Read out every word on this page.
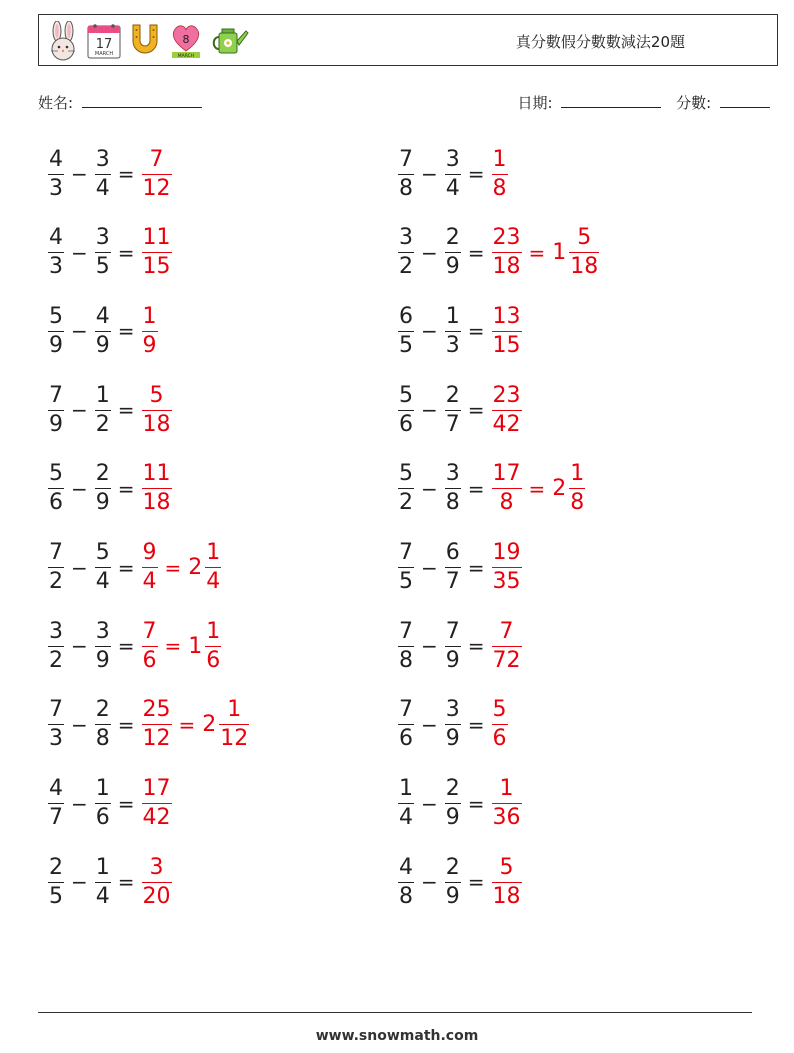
17
MARCH
8
MARCH
真分數假分數數減法20題
姓名:	日期:	分數:
$\frac{4}{3} - \frac{3}{4} = \frac{7}{12}$	$\frac{7}{8} - \frac{3}{4} = \frac{1}{8}$
$\frac{4}{3} - \frac{3}{5} = \frac{11}{15}$	$\frac{3}{2} - \frac{2}{9} = \frac{23}{18} = 1 \frac{5}{18}$
$\frac{5}{9} - \frac{4}{9} = \frac{1}{9}$	$\frac{6}{5} - \frac{1}{3} = \frac{13}{15}$
$\frac{7}{9} - \frac{1}{2} = \frac{5}{18}$	$\frac{5}{6} - \frac{2}{7} = \frac{23}{42}$
$\frac{5}{6} - \frac{2}{9} = \frac{11}{18}$	$\frac{5}{2} - \frac{3}{8} = \frac{17}{8} = 2 \frac{1}{8}$
$\frac{7}{2} - \frac{5}{4} = \frac{9}{4} = 2 \frac{1}{4}$	$\frac{7}{5} - \frac{6}{7} = \frac{19}{35}$
$\frac{3}{2} - \frac{3}{9} = \frac{7}{6} = 1 \frac{1}{6}$	$\frac{7}{8} - \frac{7}{9} = \frac{7}{72}$
$\frac{7}{3} - \frac{2}{8} = \frac{25}{12} = 2 \frac{1}{12}$	$\frac{7}{6} - \frac{3}{9} = \frac{5}{6}$
$\frac{4}{7} - \frac{1}{6} = \frac{17}{42}$	$\frac{1}{4} - \frac{2}{9} = \frac{1}{36}$
$\frac{2}{5} - \frac{1}{4} = \frac{3}{20}$	$\frac{4}{8} - \frac{2}{9} = \frac{5}{18}$
www.snowmath.com
